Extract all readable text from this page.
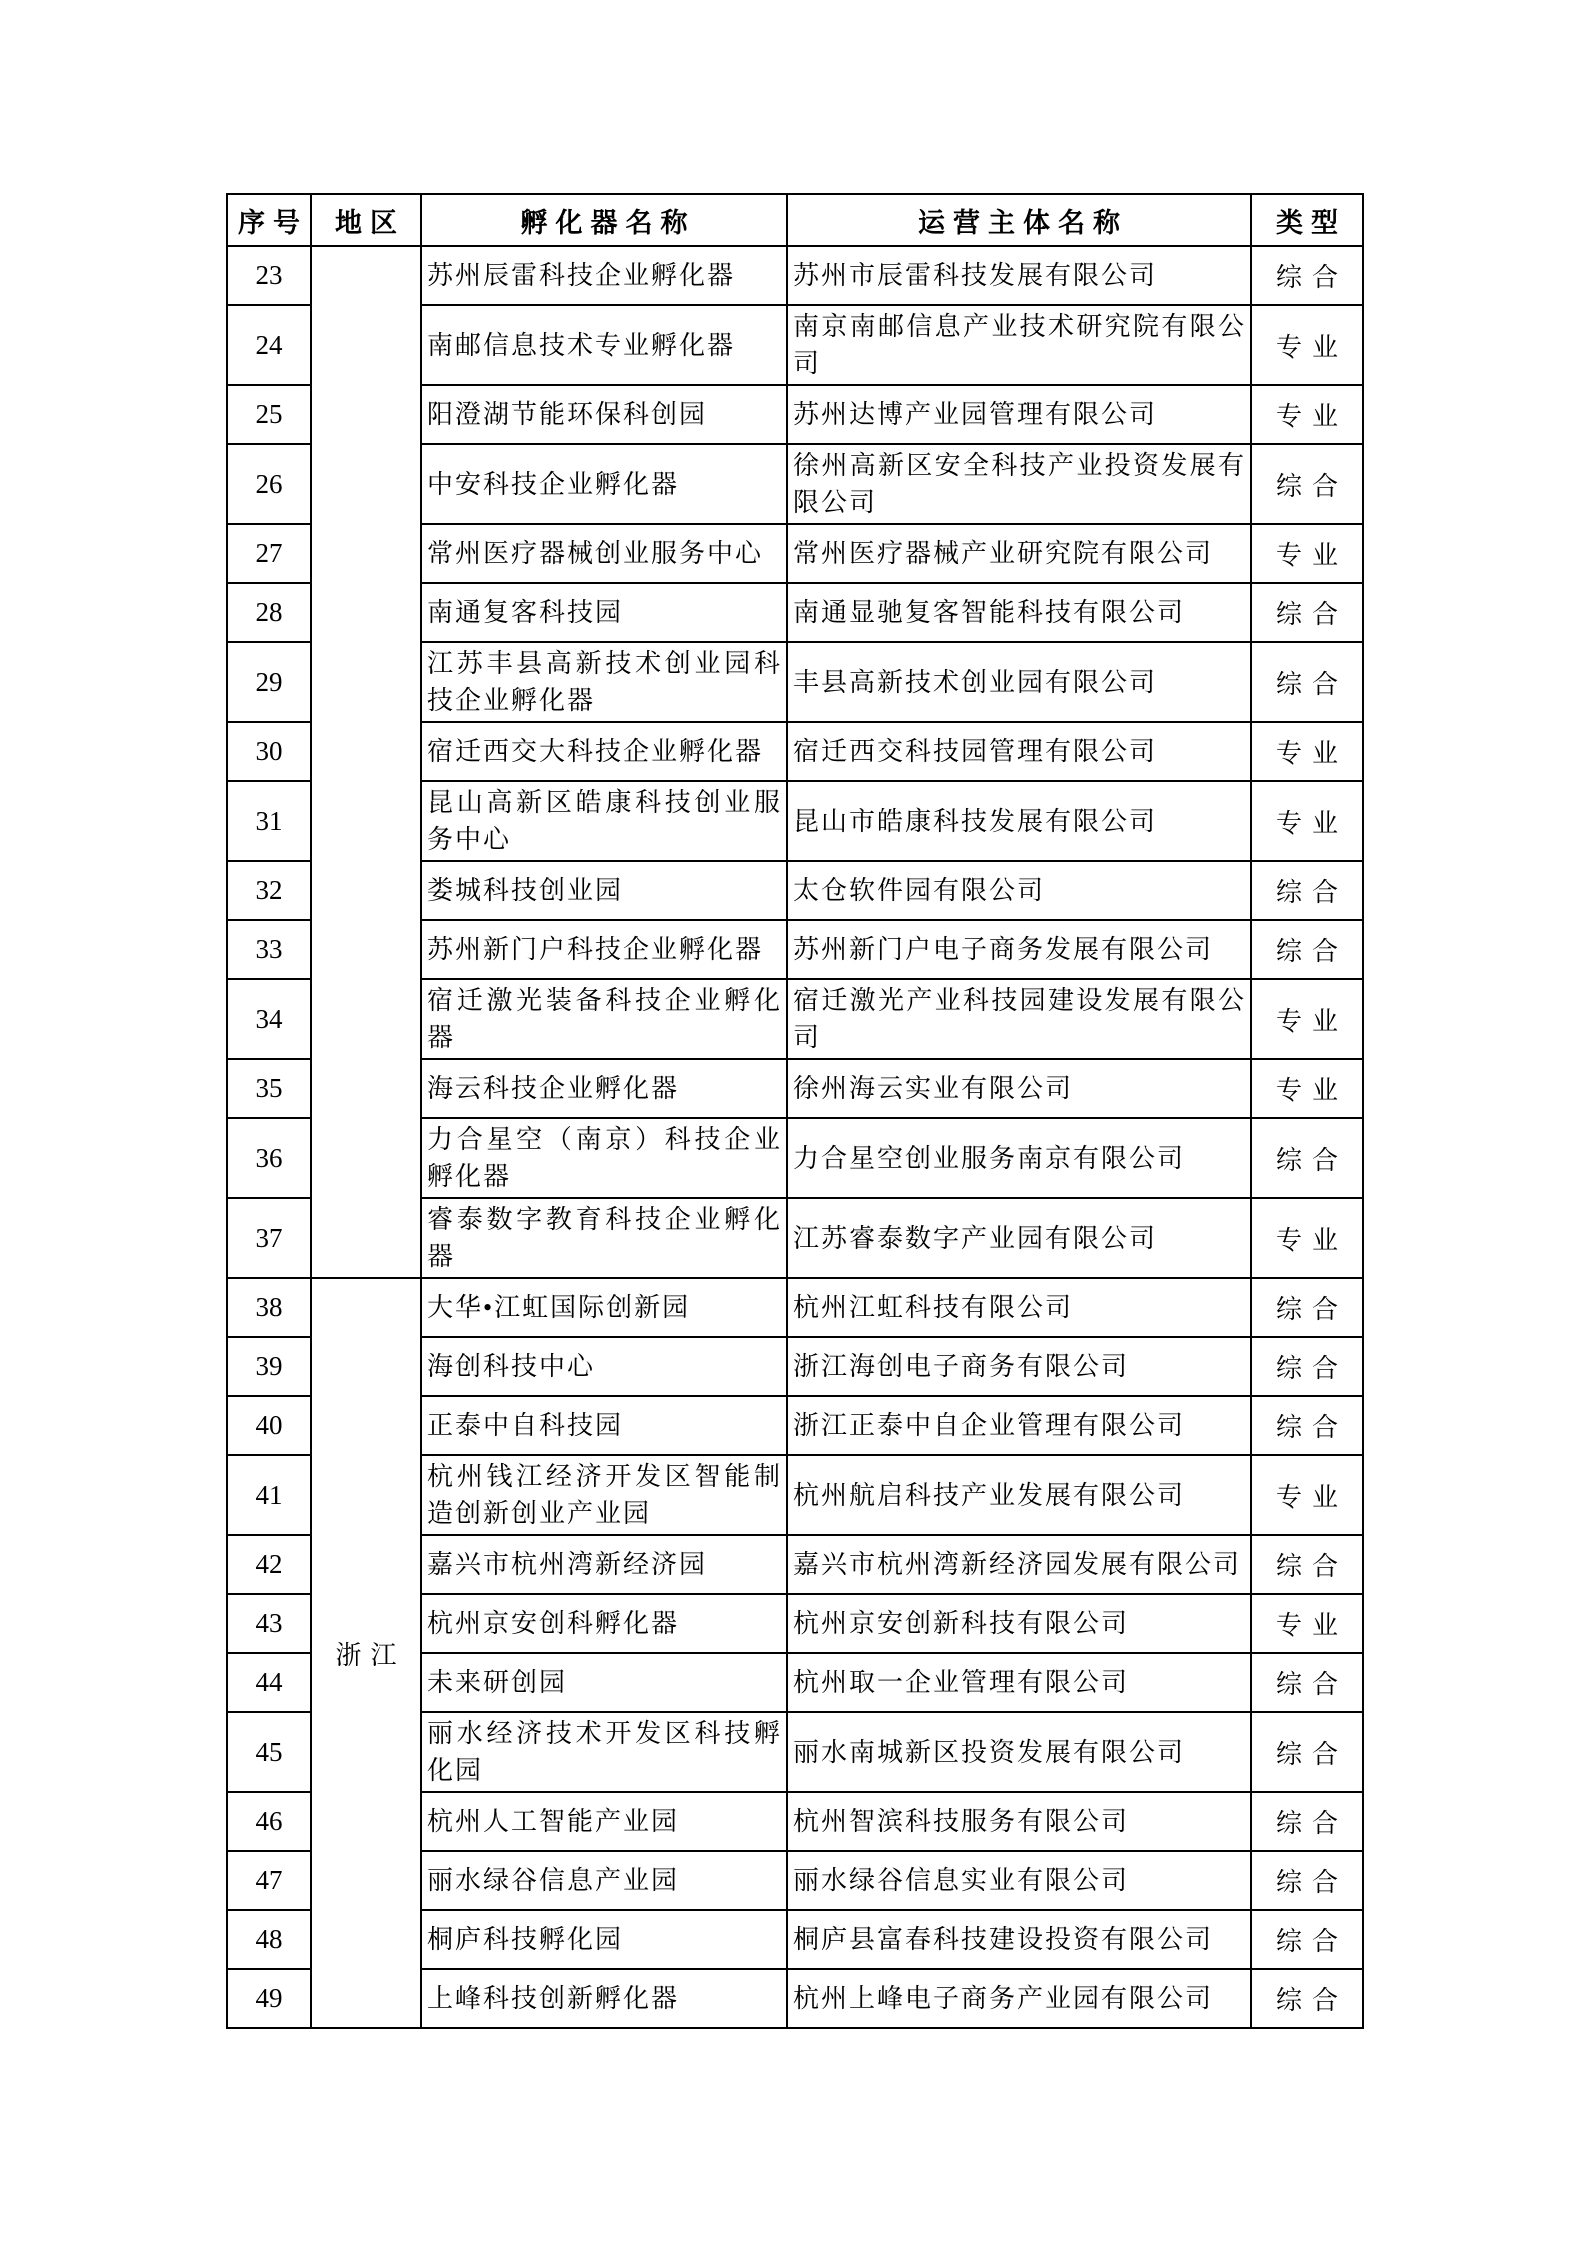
序号	地区	孵化器名称	运营主体名称	类型
23		苏州辰雷科技企业孵化器	苏州市辰雷科技发展有限公司	综合
24		南邮信息技术专业孵化器	南京南邮信息产业技术研究院有限公司	专业
25		阳澄湖节能环保科创园	苏州达博产业园管理有限公司	专业
26		中安科技企业孵化器	徐州高新区安全科技产业投资发展有限公司	综合
27		常州医疗器械创业服务中心	常州医疗器械产业研究院有限公司	专业
28		南通复客科技园	南通显驰复客智能科技有限公司	综合
29		江苏丰县高新技术创业园科技企业孵化器	丰县高新技术创业园有限公司	综合
30		宿迁西交大科技企业孵化器	宿迁西交科技园管理有限公司	专业
31		昆山高新区皓康科技创业服务中心	昆山市皓康科技发展有限公司	专业
32		娄城科技创业园	太仓软件园有限公司	综合
33		苏州新门户科技企业孵化器	苏州新门户电子商务发展有限公司	综合
34		宿迁激光装备科技企业孵化器	宿迁激光产业科技园建设发展有限公司	专业
35		海云科技企业孵化器	徐州海云实业有限公司	专业
36		力合星空（南京）科技企业孵化器	力合星空创业服务南京有限公司	综合
37		睿泰数字教育科技企业孵化器	江苏睿泰数字产业园有限公司	专业
38	浙江	大华•江虹国际创新园	杭州江虹科技有限公司	综合
39		海创科技中心	浙江海创电子商务有限公司	综合
40		正泰中自科技园	浙江正泰中自企业管理有限公司	综合
41		杭州钱江经济开发区智能制造创新创业产业园	杭州航启科技产业发展有限公司	专业
42		嘉兴市杭州湾新经济园	嘉兴市杭州湾新经济园发展有限公司	综合
43		杭州京安创科孵化器	杭州京安创新科技有限公司	专业
44		未来研创园	杭州取一企业管理有限公司	综合
45		丽水经济技术开发区科技孵化园	丽水南城新区投资发展有限公司	综合
46		杭州人工智能产业园	杭州智滨科技服务有限公司	综合
47		丽水绿谷信息产业园	丽水绿谷信息实业有限公司	综合
48		桐庐科技孵化园	桐庐县富春科技建设投资有限公司	综合
49		上峰科技创新孵化器	杭州上峰电子商务产业园有限公司	综合
